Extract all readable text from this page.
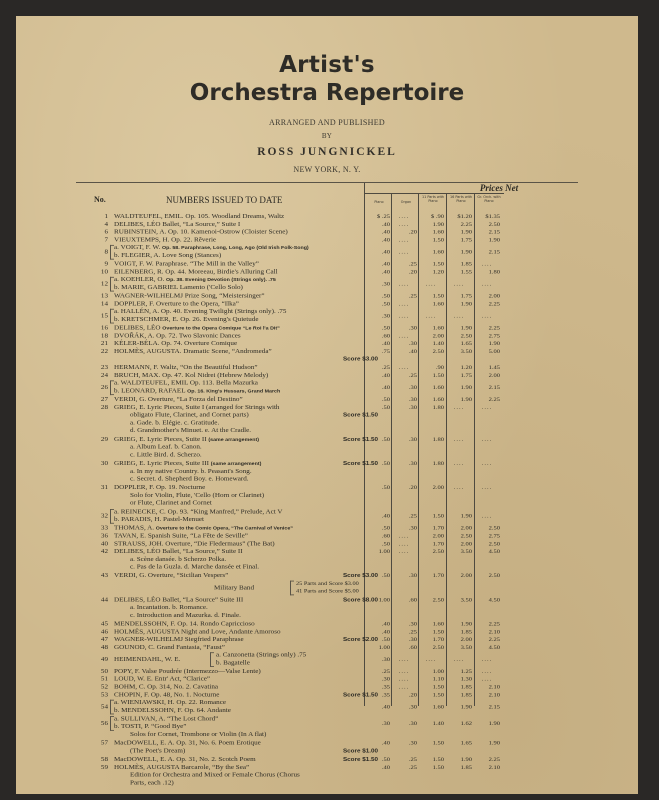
Artist's
Orchestra Repertoire
ARRANGED AND PUBLISHED
BY
ROSS JUNGNICKEL
NEW YORK, N. Y.
No.	NUMBERS ISSUED TO DATE
Prices Net
Piano	Organ
11 Parts with Piano
16 Parts with Piano
Gr. Orch. with Piano
1 WALDTEUFEL, EMIL. Op. 105. Woodland Dreams, Waltz	$ .25	....	$ .90	$1.20	$1.35
4 DELIBES, LÉO Ballet, “La Source,” Suite I	.40	....	1.90	2.25	2.50
6 RUBINSTEIN, A. Op. 10. Kamenoi-Ostrow (Cloister Scene)	.40	.20	1.60	1.90	2.15
7 VIEUXTEMPS, H. Op. 22. Rêverie	.40	....	1.50	1.75	1.90
8
a. VOIGT, F. W. Op. 58. Paraphrase, Long, Long, Ago (Old Irish Folk-Song)
b. FLEGIER, A. Love Song (Stances)	.40	....	1.60	1.90	2.15
9 VOIGT, F. W. Paraphrase. “The Mill in the Valley”	.40	.25	1.50	1.85	....
10 EILENBERG, R. Op. 44. Moreeau, Birdie's Alluring Call	.40	.20	1.20	1.55	1.80
12
a. KOEHLER, O. Op. 38. Evening Devotion (Strings only). .75
b. MARIE, GABRIEL Lamento ('Cello Solo)	.30	....	....	....	....
13 WAGNER-WILHELMJ Prize Song, “Meistersinger”	.50	.25	1.50	1.75	2.00
14 DOPPLER, F. Overture to the Opera, “Ilka”	.50	....	1.60	1.90	2.25
15
a. HALLÉN, A. Op. 40. Evening Twilight (Strings only). .75
b. KRETSCHMER, E. Op. 26. Evening's Quietude	.30	....	....	....	....
16 DELIBES, LÉO Overture to the Opera Comique “Le Roi l'a Dit”	.50	.30	1.60	1.90	2.25
18 DVOŘÁK, A. Op. 72. Two Slavonic Dances	.60	....	2.00	2.50	2.75
21 KÉLER-BÉLA. Op. 74. Overture Comique	.40	.30	1.40	1.65	1.90
22 HOLMÈS, AUGUSTA. Dramatic Scene, “Andromeda”
Score $3.00
.75	.40	2.50	3.50	5.00
23 HERMANN, F. Waltz, “On the Beautiful Hudson”	.25	....	.90	1.20	1.45
24 BRUCH, MAX. Op. 47. Kol Nidrei (Hebrew Melody)	.40	.25	1.50	1.75	2.00
26
a. WALDTEUFEL, EMIL Op. 113. Bella Mazurka
b. LEONARD, RAFAEL Op. 16. King's Hussars, Grand March
.40	.30	1.60	1.90	2.15
27 VERDI, G. Overture, “La Forza del Destino”	.50	.30	1.60	1.90	2.25
28 GRIEG, E. Lyric Pieces, Suite I (arranged for Strings with
obligato Flute, Clarinet, and Cornet parts)
a. Gade. b. Elégie. c. Gratitude.
d. Grandmother's Minuet. e. At the Cradle.
Score $1.50
.50	.30	1.80	....	....
29 GRIEG, E. Lyric Pieces, Suite II (same arrangement)
a. Album Leaf. b. Canon.
c. Little Bird. d. Scherzo.
Score $1.50 .50	.30	1.80	....	....
30 GRIEG, E. Lyric Pieces, Suite III (same arrangement)
a. In my native Country. b. Peasant's Song.
c. Secret. d. Shepherd Boy. e. Homeward.
Score $1.50 .50	.30	1.80	....	....
31 DOPPLER, F. Op. 19. Nocturne
Solo for Violin, Flute, 'Cello (Horn or Clarinet)
or Flute, Clarinet and Cornet
.50	.20	2.00	....	....
32
a. REINECKE, C. Op. 93. “King Manfred,” Prelude, Act V
b. PARADIS, H. Pastel-Menuet	.40	.25	1.50	1.90	....
33 THOMAS, A. Overture to the Comic Opera, “The Carnival of Venice”	.50	.30	1.70	2.00	2.50
36 TAVAN, E. Spanish Suite, “La Fête de Seville”	.60	....	2.00	2.50	2.75
40 STRAUSS, JOH. Overture, “Die Fledermaus” (The Bat)	.50	....	1.70	2.00	2.50
42 DELIBES, LÉO Ballet, “La Source,” Suite II
a. Scène dansée. b Scherzo Polka.
c. Pas de la Guzla. d. Marche dansée et Final.
1.00	....	2.50	3.50	4.50
43 VERDI, G. Overture, “Sicilian Vespers”	Score $3.00
Military Band	25 Parts and Score $3.00
41 Parts and Score $5.00
.50	.30	1.70	2.00	2.50
44 DELIBES, LÉO Ballet, “La Source” Suite III
a. Incantation. b. Romance.
c. Introduction and Mazurka. d. Finale.
Score $8.00 1.00	.60	2.50	3.50	4.50
45 MENDELSSOHN, F. Op. 14. Rondo Capriccioso	.40	.30	1.60	1.90	2.25
46 HOLMÈS, AUGUSTA Night and Love, Andante Amoroso	.40	.25	1.50	1.85	2.10
47 WAGNER-WILHELMJ Siegfried Paraphrase	Score $2.00 .50	.30	1.70	2.00	2.25
48 GOUNOD, C. Grand Fantasia, “Faust”	1.00	.60	2.50	3.50	4.50
49 HEIMENDAHL, W. E.
a. Canzonetta (Strings only) .75
b. Bagatelle
.30	....	....	....	....
50 POPY, F. Valse Poudrée (Intermezzo—Valse Lente)	.25	....	1.00	1.25	....
51 LOUD, W. E. Entr' Act, “Clarice”	.30	....	1.10	1.30	....
52 BOHM, C. Op. 314, No. 2. Cavatina	.35	....	1.50	1.85	2.10
53 CHOPIN, F. Op. 48, No. 1. Nocturne	Score $1.50 .35	.20	1.50	1.85	2.10
54
a. WIENIAWSKI, H. Op. 22. Romance
b. MENDELSSOHN, F. Op. 64. Andante	.40	.30	1.60	1.90	2.15
56
a. SULLIVAN, A. “The Lost Chord”
b. TOSTI, P. “Good Bye”
Solos for Cornet, Trombone or Violin (In A flat)
.30	.30	1.40	1.62	1.90
57 MacDOWELL, E. A. Op. 31, No. 6. Poem Erotique
(The Poet's Dream)	Score $1.00
.40	.30	1.50	1.65	1.90
58 MacDOWELL, E. A. Op. 31, No. 2. Scotch Poem	Score $1.50 .50	.25	1.50	1.90	2.25
59 HOLMÈS, AUGUSTA Barcarole, “By the Sea”
Edition for Orchestra and Mixed or Female Chorus (Chorus
Parts, each .12)
.40	.25	1.50	1.85	2.10
